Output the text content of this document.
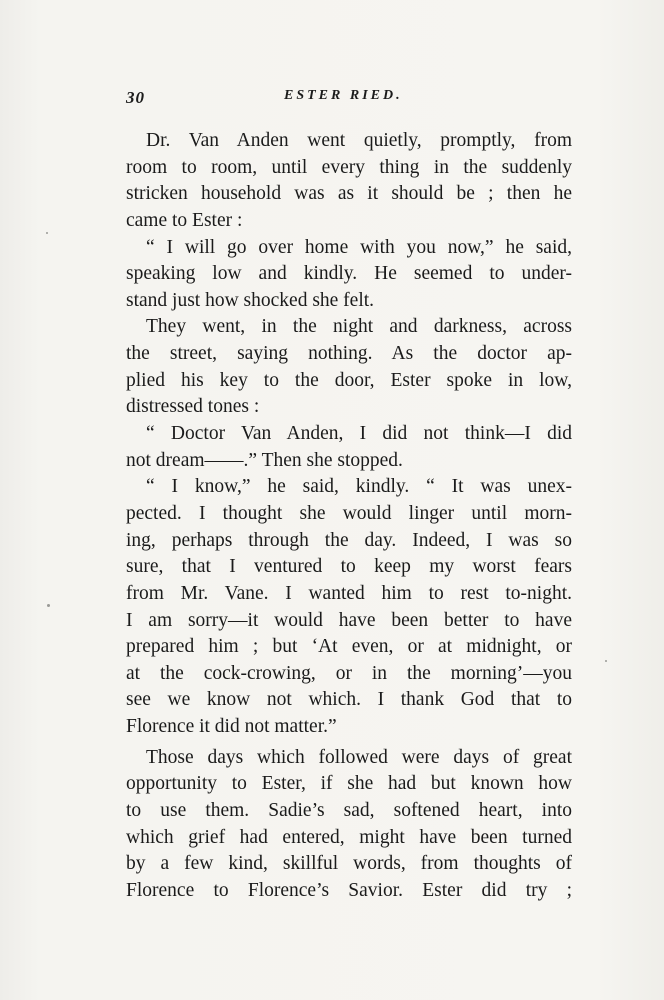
30	ESTER RIED.
Dr. Van Anden went quietly, promptly, from
room to room, until every thing in the suddenly
stricken household was as it should be ; then he
came to Ester :
“ I will go over home with you now,” he said,
speaking low and kindly. He seemed to under-
stand just how shocked she felt.
They went, in the night and darkness, across
the street, saying nothing. As the doctor ap-
plied his key to the door, Ester spoke in low,
distressed tones :
“ Doctor Van Anden, I did not think—I did
not dream——.” Then she stopped.
“ I know,” he said, kindly. “ It was unex-
pected. I thought she would linger until morn-
ing, perhaps through the day. Indeed, I was so
sure, that I ventured to keep my worst fears
from Mr. Vane. I wanted him to rest to-night.
I am sorry—it would have been better to have
prepared him ; but ‘At even, or at midnight, or
at the cock-crowing, or in the morning’—you
see we know not which. I thank God that to
Florence it did not matter.”
Those days which followed were days of great
opportunity to Ester, if she had but known how
to use them. Sadie’s sad, softened heart, into
which grief had entered, might have been turned
by a few kind, skillful words, from thoughts of
Florence to Florence’s Savior. Ester did try ;
